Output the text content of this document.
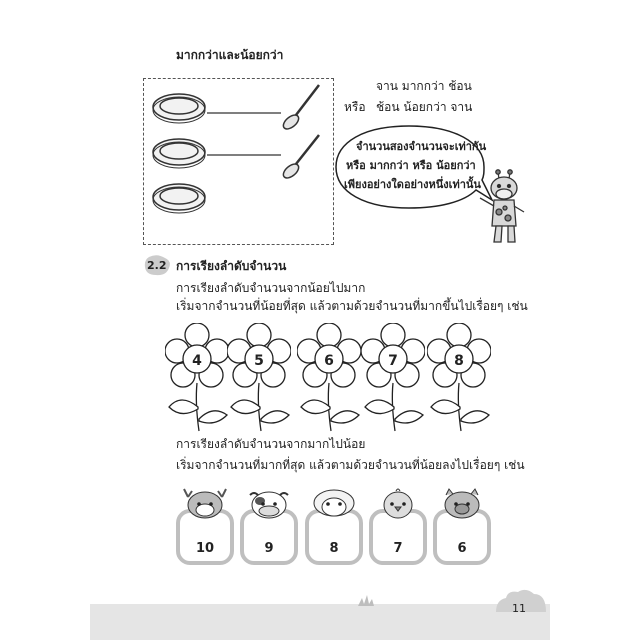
มากกว่าและน้อยกว่า
จาน มากกว่า ช้อน
หรือ ช้อน น้อยกว่า จาน
จำนวนสองจำนวนจะเท่ากัน
หรือ มากกว่า หรือ น้อยกว่า
เพียงอย่างใดอย่างหนึ่งเท่านั้น
2.2 การเรียงลำดับจำนวน
การเรียงลำดับจำนวนจากน้อยไปมาก
เริ่มจากจำนวนที่น้อยที่สุด แล้วตามด้วยจำนวนที่มากขึ้นไปเรื่อยๆ เช่น
4	5	6	7	8
การเรียงลำดับจำนวนจากมากไปน้อย
เริ่มจากจำนวนที่มากที่สุด แล้วตามด้วยจำนวนที่น้อยลงไปเรื่อยๆ เช่น
10	9	8	7	6
11
